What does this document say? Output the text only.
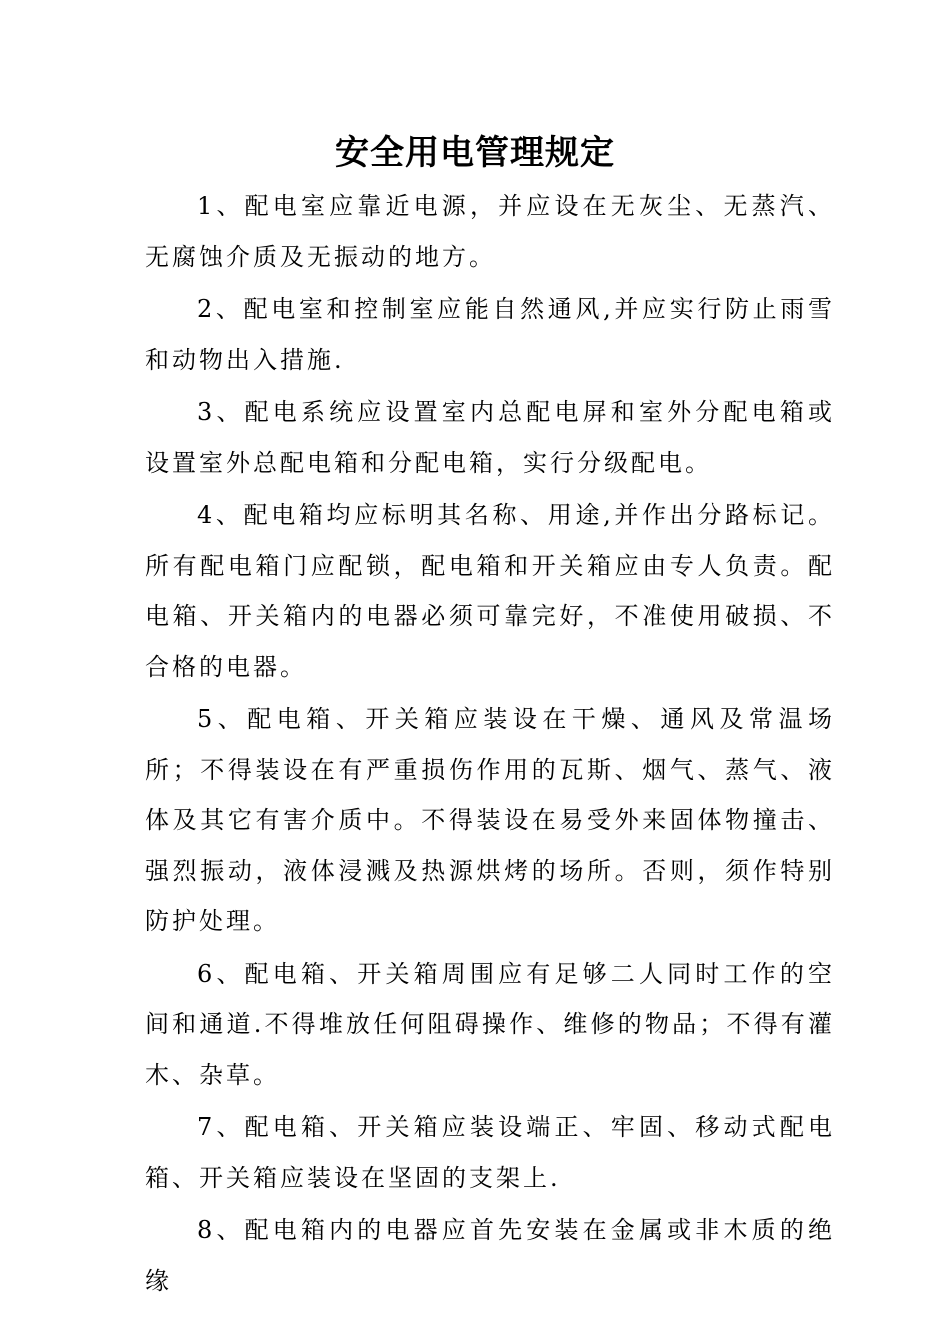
安全用电管理规定

1、配电室应靠近电源，并应设在无灰尘、无蒸汽、无腐蚀介质及无振动的地方。

2、配电室和控制室应能自然通风,并应实行防止雨雪和动物出入措施.

3、配电系统应设置室内总配电屏和室外分配电箱或设置室外总配电箱和分配电箱，实行分级配电。

4、配电箱均应标明其名称、用途,并作出分路标记。所有配电箱门应配锁，配电箱和开关箱应由专人负责。配电箱、开关箱内的电器必须可靠完好，不准使用破损、不合格的电器。

5、配电箱、开关箱应装设在干燥、通风及常温场所；不得装设在有严重损伤作用的瓦斯、烟气、蒸气、液体及其它有害介质中。不得装设在易受外来固体物撞击、强烈振动，液体浸溅及热源烘烤的场所。否则，须作特别防护处理。

6、配电箱、开关箱周围应有足够二人同时工作的空间和通道.不得堆放任何阻碍操作、维修的物品；不得有灌木、杂草。

7、配电箱、开关箱应装设端正、牢固、移动式配电箱、开关箱应装设在坚固的支架上.

8、配电箱内的电器应首先安装在金属或非木质的绝缘
